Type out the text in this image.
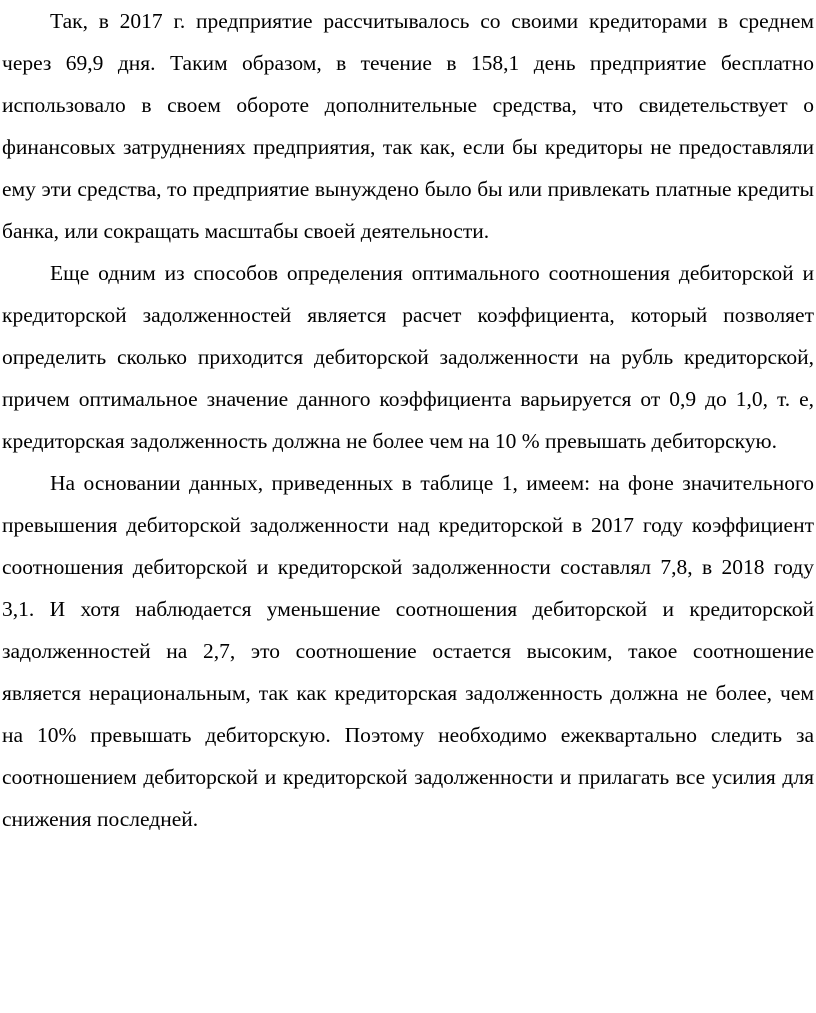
Так, в 2017 г. предприятие рассчитывалось со своими кредиторами в среднем через 69,9 дня. Таким образом, в течение в 158,1 день предприятие бесплатно использовало в своем обороте дополнительные средства, что свидетельствует о финансовых затруднениях предприятия, так как, если бы кредиторы не предоставляли ему эти средства, то предприятие вынуждено было бы или привлекать платные кредиты банка, или сокращать масштабы своей деятельности.

Еще одним из способов определения оптимального соотношения дебиторской и кредиторской задолженностей является расчет коэффициента, который позволяет определить сколько приходится дебиторской задолженности на рубль кредиторской, причем оптимальное значение данного коэффициента варьируется от 0,9 до 1,0, т. е, кредиторская задолженность должна не более чем на 10 % превышать дебиторскую.

На основании данных, приведенных в таблице 1, имеем: на фоне значительного превышения дебиторской задолженности над кредиторской в 2017 году коэффициент соотношения дебиторской и кредиторской задолженности составлял 7,8, в 2018 году 3,1. И хотя наблюдается уменьшение соотношения дебиторской и кредиторской задолженностей на 2,7, это соотношение остается высоким, такое соотношение является нерациональным, так как кредиторская задолженность должна не более, чем на 10% превышать дебиторскую. Поэтому необходимо ежеквартально следить за соотношением дебиторской и кредиторской задолженности и прилагать все усилия для снижения последней.
